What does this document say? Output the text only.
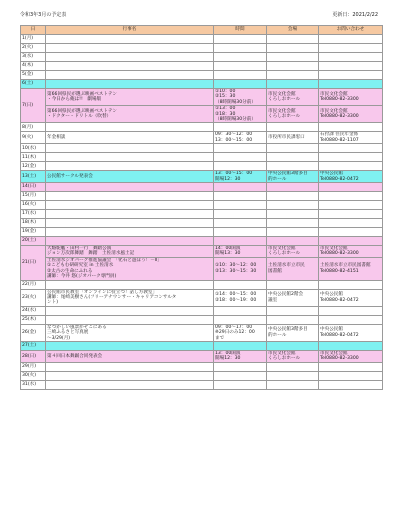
令和3年3月の予定表	更新日：2021/2/22
日	行事名	時間	会場	お問い合わせ
1(月)				
2(火)				
3(水)				
4(木)				
5(金)				
6(土)				
7(日)	第66回県民が選ぶ映画ベストテン
・今日から俺は!!　劇場版	①10：00
②15：30
（8時開場30分前）	市民文化会館
くろしおホール	市民文化会館
Tel0880-82-3300
	第66回県民が選ぶ映画ベストテン
・ドクター・ドリトル（吹替）	①13：00
②18：30
（8時開場30分前）	市民文化会館
くろしおホール	市民文化会館
Tel0880-82-3300
8(月)				
9(火)	年金相談	09：30～12：00
13：00～15：00	市役所市民課窓口	石狩課 住民年金係
Tel0880-82-1107
10(水)				
11(木)				
12(金)				
13(土)	公民館サークル発表会	13：00～15：00
開場12：30	中央公民館3階多目
的ホール	中央公民館
Tel0880-82-0472
14(日)				
15(月)				
16(火)				
17(水)				
18(木)				
19(金)				
20(土)				
21(日)	大駱駝艦・田村一行　舞踏公演
ジョン万次郎舞踏　舞踏　土佐清水風土記	14：00開演
開場13：30	市民文化会館
くろしおホール	市民文化会館
Tel0880-82-3300
	土佐清水ジオパーク推進協議会　「化石と遊ぼう！－Ⅱ」
①こどもむ研研究室 in 土佐清水
②太古の生命にふれる
講師：今井 悠(ジオパーク専門員)	①10：30～12：00
②13：30～15：30	土佐清水市立市民
図書館	土佐清水市立市民図書館
Tel0880-82-4151
22(月)				
23(火)	公民館市民教室「オンラインに役立つ！話し方教室」
講師：尾崎美樹さん(フリーアナウンサー・キャリアコンサルタ
ント)	①14：00～15：00
②18：00～19：00	中央公民館2階会
議室	中央公民館
Tel0880-82-0472
24(水)				
25(木)				
26(金)	なつかしい風景がそこにある
三崎ふるさと写真展
～3/29(月)	09：00～17：00
※29日のみ12：00
まで	中央公民館3階多目
的ホール	中央公民館
Tel0880-82-0472
27(土)				
28(日)	第４回日本舞踊合同発表会	13：00開演
開場12：30	市民文化会館
くろしおホール	市民文化会館
Tel0880-82-3300
29(月)				
30(火)				
31(水)				
